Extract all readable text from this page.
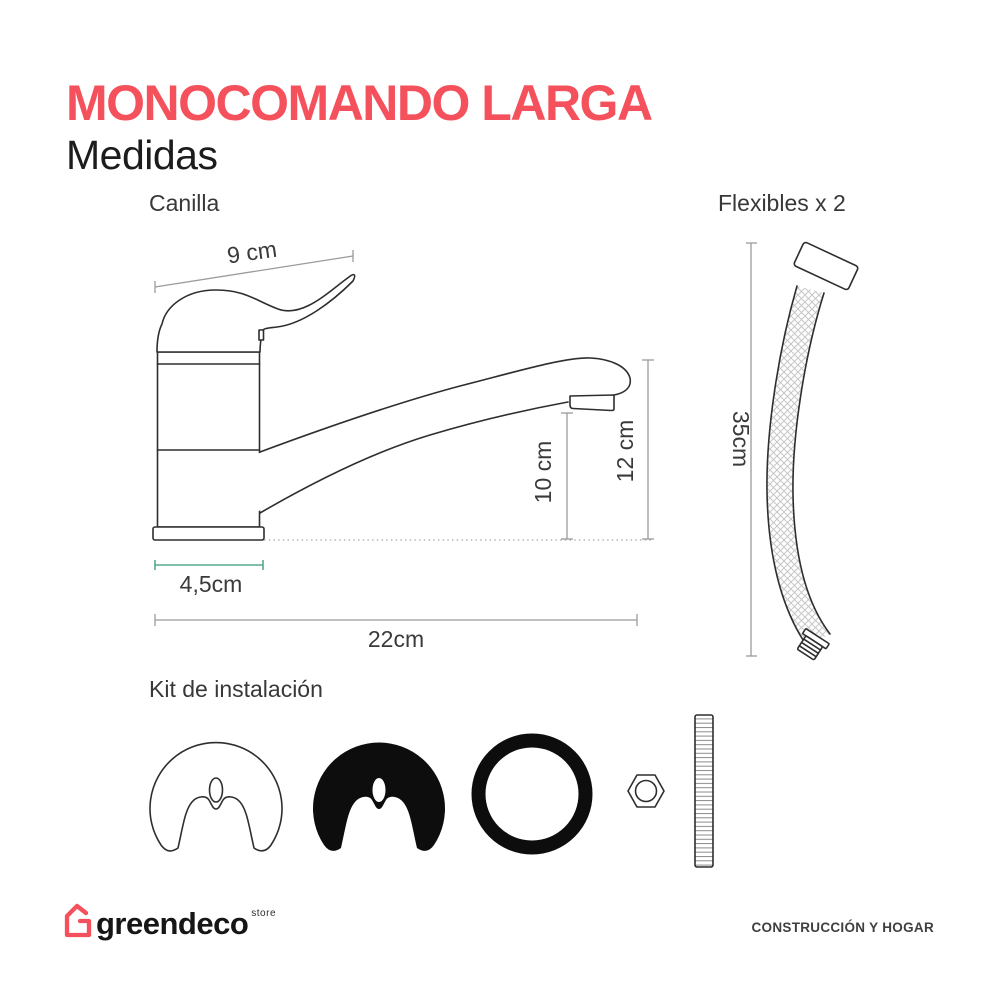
MONOCOMANDO LARGA
Medidas
Canilla	Flexibles x 2
Kit de instalación
9 cm
10 cm 12 cm
4,5cm
22cm
35cm
greendeco $^{store}$
CONSTRUCCIÓN Y HOGAR
